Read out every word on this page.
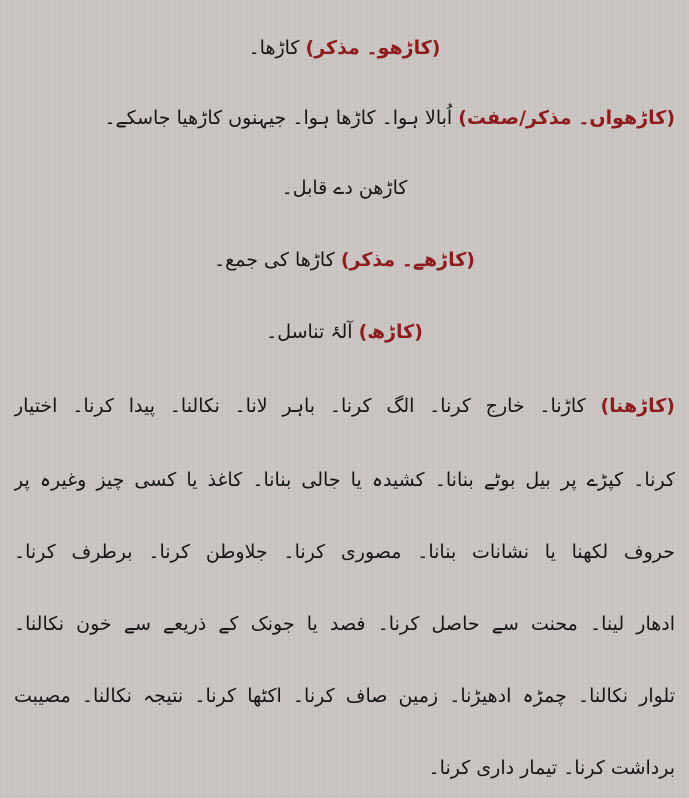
(کاڑھو۔ مذکر) کاڑھا۔
(کاڑھواں۔ مذکر/صفت) اُبالا ہوا۔ کاڑھا ہوا۔ جیہنوں کاڑھیا جاسکے۔
کاڑھن دے قابل۔
(کاڑھے۔ مذکر) کاڑھا کی جمع۔
(کاڑھ) آلۂ تناسل۔
(کاڑھنا) کاڑنا۔ خارج کرنا۔ الگ کرنا۔ باہر لانا۔ نکالنا۔ پیدا کرنا۔ اختیار
کرنا۔ کپڑے پر بیل بوٹے بنانا۔ کشیدہ یا جالی بنانا۔ کاغذ یا کسی چیز وغیرہ پر
حروف لکھنا یا نشانات بنانا۔ مصوری کرنا۔ جلاوطن کرنا۔ برطرف کرنا۔
ادھار لینا۔ محنت سے حاصل کرنا۔ فصد یا جونک کے ذریعے سے خون نکالنا۔
تلوار نکالنا۔ چمڑہ ادھیڑنا۔ زمین صاف کرنا۔ اکٹھا کرنا۔ نتیجہ نکالنا۔ مصیبت
برداشت کرنا۔ تیمار داری کرنا۔
